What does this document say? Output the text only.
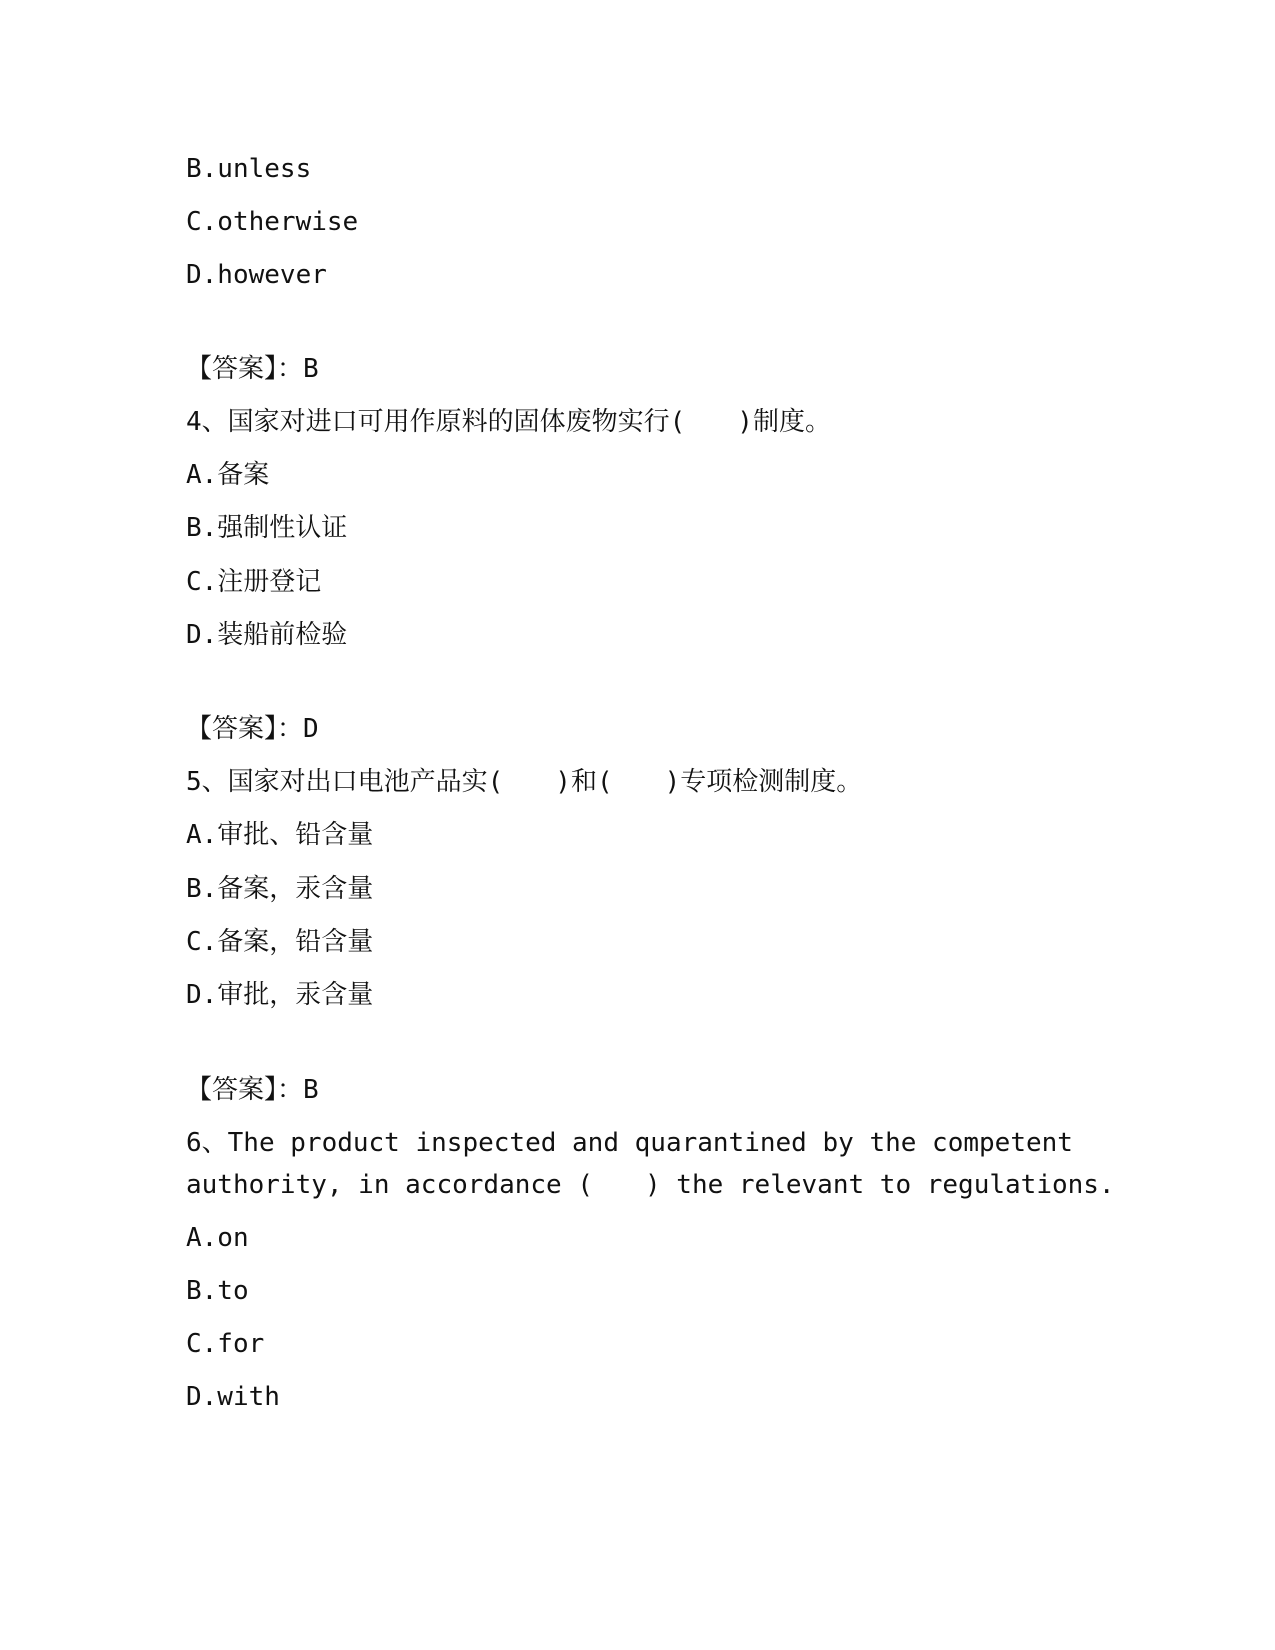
B.unless
C.otherwise
D.however
【答案】：B
4、国家对进口可用作原料的固体废物实行(　　)制度。
A.备案
B.强制性认证
C.注册登记
D.装船前检验
【答案】：D
5、国家对出口电池产品实(　　)和(　　)专项检测制度。
A.审批、铅含量
B.备案，汞含量
C.备案，铅含量
D.审批，汞含量
【答案】：B
6、The product inspected and quarantined by the competent
authority, in accordance (　　) the relevant to regulations.
A.on
B.to
C.for
D.with
